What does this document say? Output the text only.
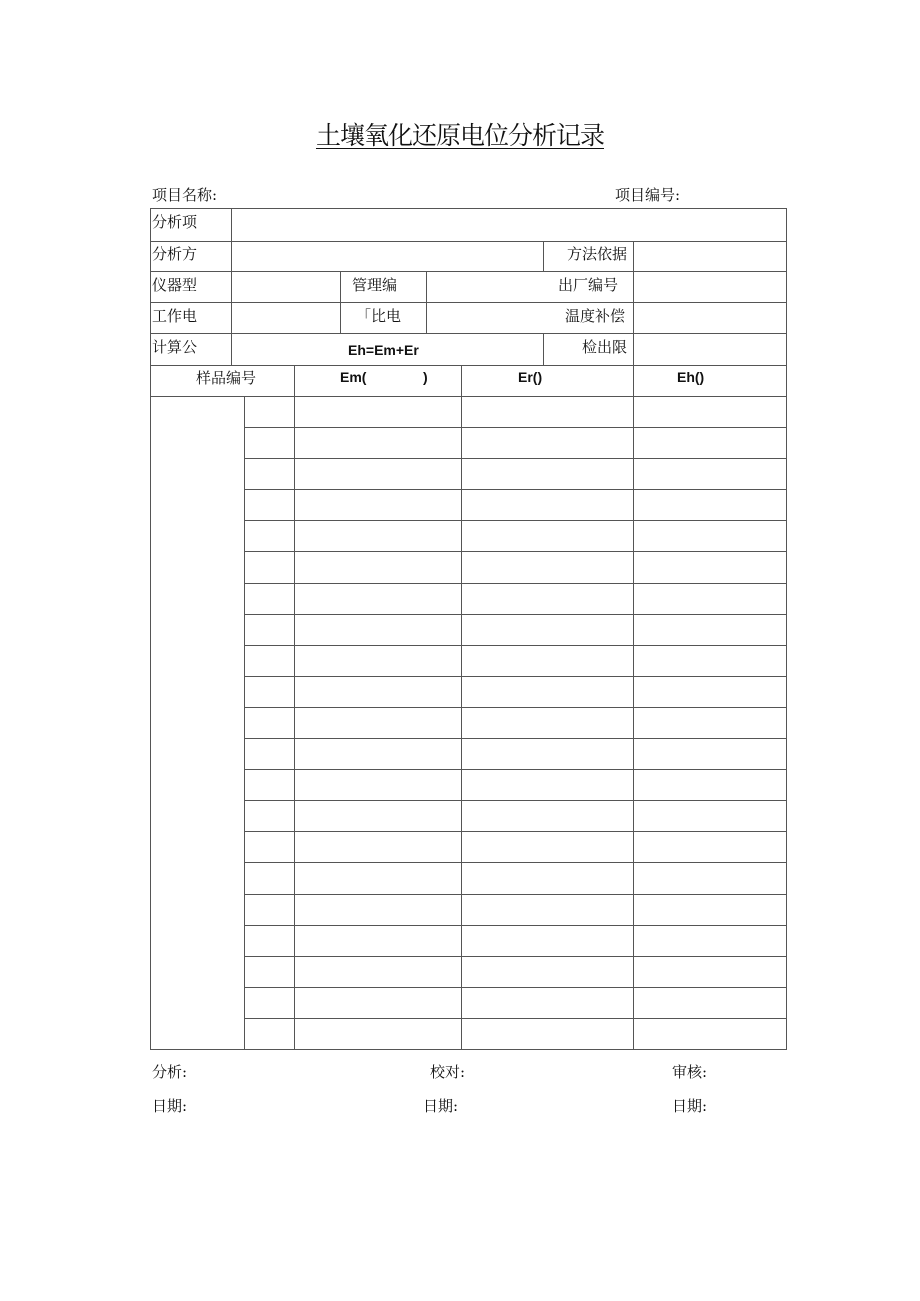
土壤氧化还原电位分析记录
项目名称:	项目编号:
分析项
分析方	方法依据
仪器型	管理编	出厂编号
工作电	「比电	温度补偿
计算公	Eh=Em+Er	检出限
样品编号	Em(	)	Er()	Eh()
分析:	校对:	审核:
日期:	日期:	日期:
